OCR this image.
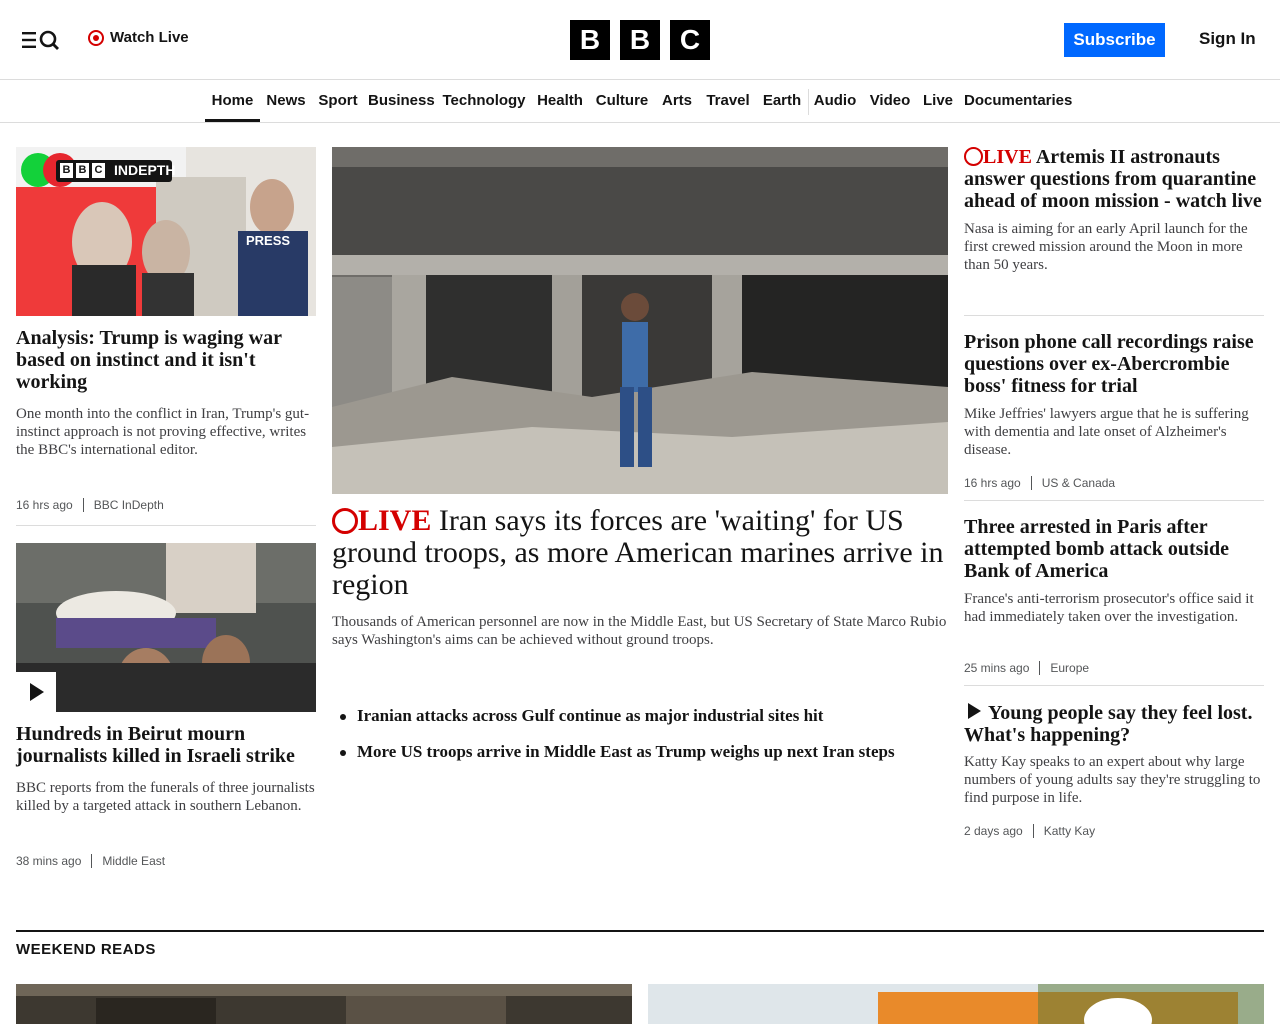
Watch Live	B	B	C	Subscribe	Sign In
Home News Sport Business Technology Health Culture Arts Travel Earth Audio Video Live Documentaries
B B C INDEPTH
PRESS
Analysis: Trump is waging war based on instinct and it isn't working
One month into the conflict in Iran, Trump's gut-instinct approach is not proving effective, writes the BBC's international editor.
16 hrs ago BBC InDepth
Hundreds in Beirut mourn journalists killed in Israeli strike
BBC reports from the funerals of three journalists killed by a targeted attack in southern Lebanon.
38 mins ago Middle East
LIVE Iran says its forces are 'waiting' for US ground troops, as more American marines arrive in region
Thousands of American personnel are now in the Middle East, but US Secretary of State Marco Rubio says Washington's aims can be achieved without ground troops.
Iranian attacks across Gulf continue as major industrial sites hit
More US troops arrive in Middle East as Trump weighs up next Iran steps
LIVE Artemis II astronauts answer questions from quarantine ahead of moon mission - watch live
Nasa is aiming for an early April launch for the first crewed mission around the Moon in more than 50 years.
Prison phone call recordings raise questions over ex-Abercrombie boss' fitness for trial
Mike Jeffries' lawyers argue that he is suffering with dementia and late onset of Alzheimer's disease.
16 hrs ago US & Canada
Three arrested in Paris after attempted bomb attack outside Bank of America
France's anti-terrorism prosecutor's office said it had immediately taken over the investigation.
25 mins ago Europe
Young people say they feel lost. What's happening?
Katty Kay speaks to an expert about why large numbers of young adults say they're struggling to find purpose in life.
2 days ago Katty Kay
WEEKEND READS
